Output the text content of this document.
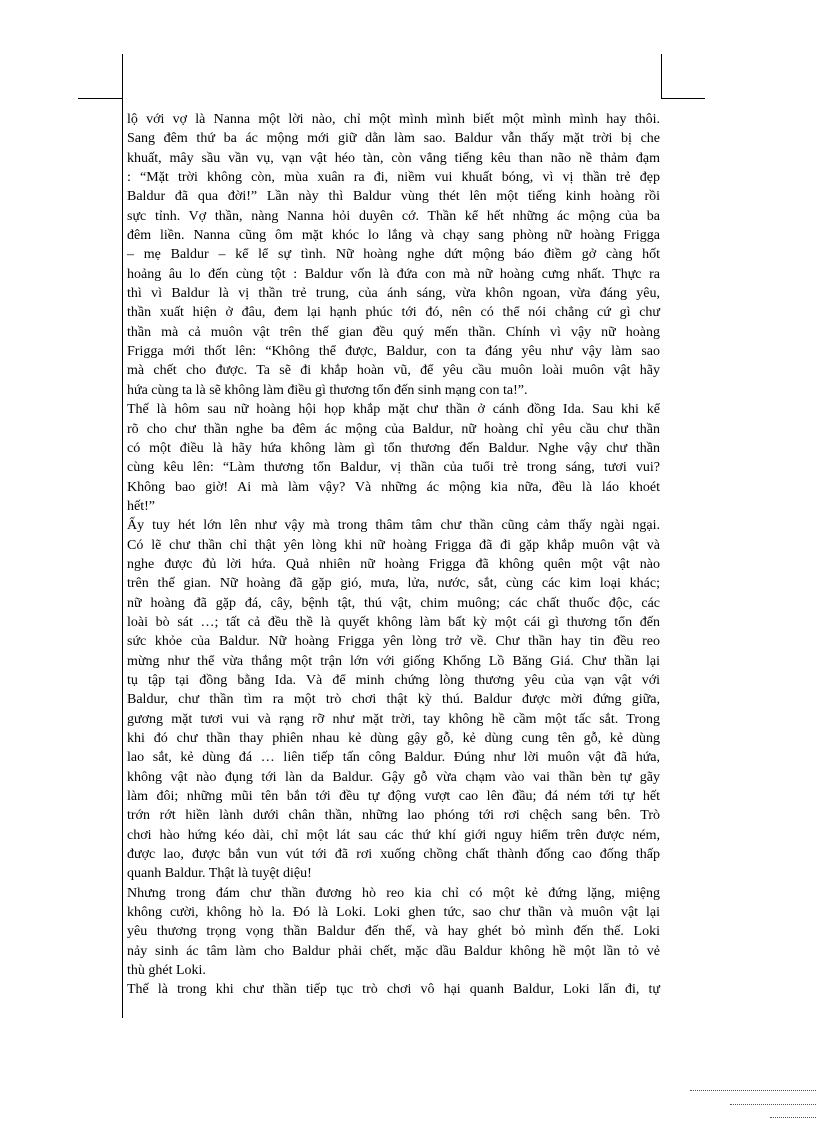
lộ với vợ là Nanna một lời nào, chỉ một mình mình biết một mình mình hay thôi.
Sang đêm thứ ba ác mộng mới giữ dằn làm sao. Baldur vẫn thấy mặt trời bị che
khuất, mây sầu vần vụ, vạn vật héo tàn, còn vẳng tiếng kêu than não nề thảm đạm
: “Mặt trời không còn, mùa xuân ra đi, niềm vui khuất bóng, vì vị thần trẻ đẹp
Baldur đã qua đời!” Lần này thì Baldur vùng thét lên một tiếng kinh hoàng rồi
sực tỉnh. Vợ thần, nàng Nanna hỏi duyên cớ. Thần kể hết những ác mộng của ba
đêm liền. Nanna cũng ôm mặt khóc lo lắng và chạy sang phòng nữ hoàng Frigga
– mẹ Baldur – kể lể sự tình. Nữ hoàng nghe dứt mộng báo điềm gở càng hốt
hoảng âu lo đến cùng tột : Baldur vốn là đứa con mà nữ hoàng cưng nhất. Thực ra
thì vì Baldur là vị thần trẻ trung, của ánh sáng, vừa khôn ngoan, vừa đáng yêu,
thần xuất hiện ở đâu, đem lại hạnh phúc tới đó, nên có thể nói chẳng cứ gì chư
thần mà cả muôn vật trên thế gian đều quý mến thần. Chính vì vậy nữ hoàng
Frigga mới thốt lên: “Không thể được, Baldur, con ta đáng yêu như vậy làm sao
mà chết cho được. Ta sẽ đi khắp hoàn vũ, để yêu cầu muôn loài muôn vật hãy
hứa cùng ta là sẽ không làm điều gì thương tổn đến sinh mạng con ta!”.
Thế là hôm sau nữ hoàng hội họp khắp mặt chư thần ở cánh đồng Ida. Sau khi kể
rõ cho chư thần nghe ba đêm ác mộng của Baldur, nữ hoàng chỉ yêu cầu chư thần
có một điều là hãy hứa không làm gì tổn thương đến Baldur. Nghe vậy chư thần
cùng kêu lên: “Làm thương tổn Baldur, vị thần của tuổi trẻ trong sáng, tươi vui?
Không bao giờ! Ai mà làm vậy? Và những ác mộng kia nữa, đều là láo khoét
hết!”
Ấy tuy hét lớn lên như vậy mà trong thâm tâm chư thần cũng cảm thấy ngài ngại.
Có lẽ chư thần chỉ thật yên lòng khi nữ hoàng Frigga đã đi gặp khắp muôn vật và
nghe được đủ lời hứa. Quả nhiên nữ hoàng Frigga đã không quên một vật nào
trên thế gian. Nữ hoàng đã gặp gió, mưa, lửa, nước, sắt, cùng các kim loại khác;
nữ hoàng đã gặp đá, cây, bệnh tật, thú vật, chim muông; các chất thuốc độc, các
loài bò sát …; tất cả đều thề là quyết không làm bất kỳ một cái gì thương tổn đến
sức khỏe của Baldur. Nữ hoàng Frigga yên lòng trở về. Chư thần hay tin đều reo
mừng như thể vừa thắng một trận lớn với giống Khổng Lồ Băng Giá. Chư thần lại
tụ tập tại đồng bằng Ida. Và để minh chứng lòng thương yêu của vạn vật với
Baldur, chư thần tìm ra một trò chơi thật kỳ thú. Baldur được mời đứng giữa,
gương mặt tươi vui và rạng rỡ như mặt trời, tay không hề cầm một tấc sắt. Trong
khi đó chư thần thay phiên nhau kẻ dùng gậy gỗ, kẻ dùng cung tên gỗ, kẻ dùng
lao sắt, kẻ dùng đá … liên tiếp tấn công Baldur. Đúng như lời muôn vật đã hứa,
không vật nào đụng tới làn da Baldur. Gậy gỗ vừa chạm vào vai thần bèn tự gãy
làm đôi; những mũi tên bắn tới đều tự động vượt cao lên đầu; đá ném tới tự hết
trớn rớt hiền lành dưới chân thần, những lao phóng tới rơi chệch sang bên. Trò
chơi hào hứng kéo dài, chỉ một lát sau các thứ khí giới nguy hiểm trên được ném,
được lao, được bắn vun vút tới đã rơi xuống chồng chất thành đống cao đống thấp
quanh Baldur. Thật là tuyệt diệu!
Nhưng trong đám chư thần đương hò reo kia chỉ có một kẻ đứng lặng, miệng
không cười, không hò la. Đó là Loki. Loki ghen tức, sao chư thần và muôn vật lại
yêu thương trọng vọng thần Baldur đến thế, và hay ghét bỏ mình đến thế. Loki
nảy sinh ác tâm làm cho Baldur phải chết, mặc dầu Baldur không hề một lần tỏ vẻ
thù ghét Loki.
Thế là trong khi chư thần tiếp tục trò chơi vô hại quanh Baldur, Loki lẩn đi, tự
